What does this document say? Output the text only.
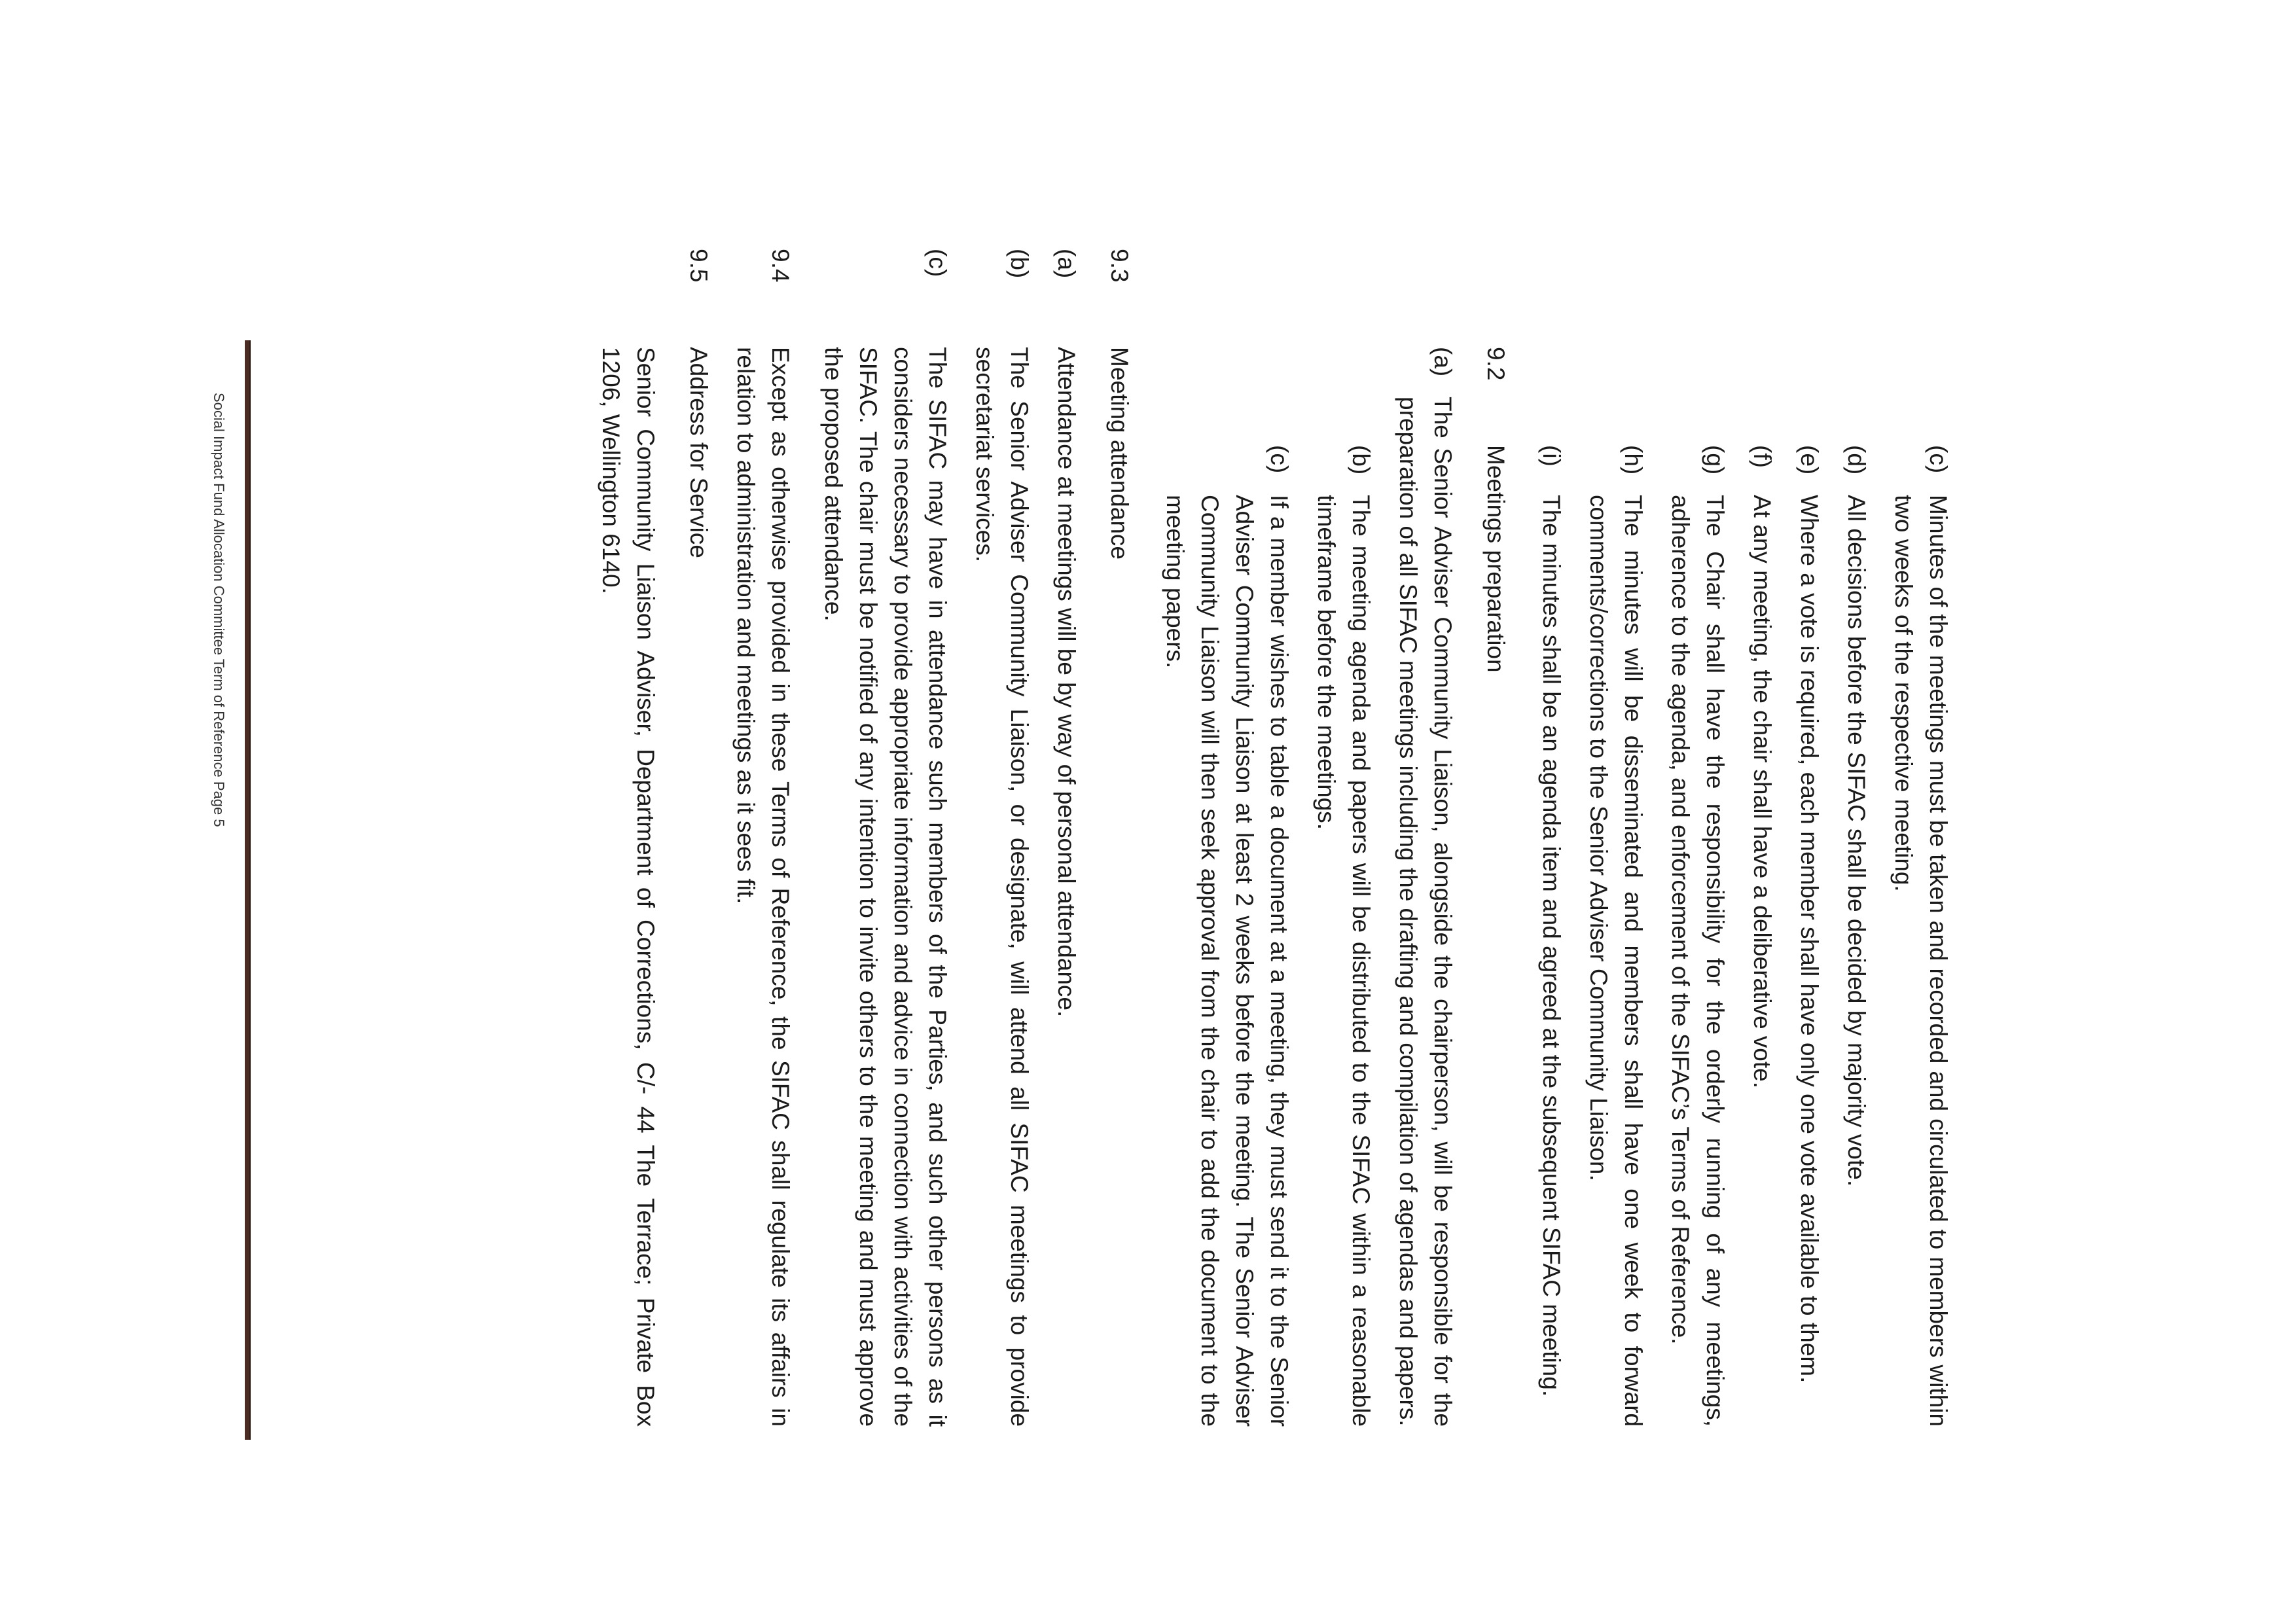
(c)
Minutes of the meetings must be taken and recorded and circulated to members within two weeks of the respective meeting.
(d)
All decisions before the SIFAC shall be decided by majority vote.
(e)
Where a vote is required, each member shall have only one vote available to them.
(f)
At any meeting, the chair shall have a deliberative vote.
(g)
The Chair shall have the responsibility for the orderly running of any meetings, adherence to the agenda, and enforcement of the SIFAC’s Terms of Reference.
(h)
The minutes will be disseminated and members shall have one week to forward comments/corrections to the Senior Adviser Community Liaison.
(i)
The minutes shall be an agenda item and agreed at the subsequent SIFAC meeting.
9.2
Meetings preparation
(a)
The Senior Adviser Community Liaison, alongside the chairperson, will be responsible for the preparation of all SIFAC meetings including the drafting and compilation of agendas and papers.
(b)
The meeting agenda and papers will be distributed to the SIFAC within a reasonable timeframe before the meetings.
(c)
If a member wishes to table a document at a meeting, they must send it to the Senior Adviser Community Liaison at least 2 weeks before the meeting. The Senior Adviser Community Liaison will then seek approval from the chair to add the document to the meeting papers.
9.3
Meeting attendance
(a)
Attendance at meetings will be by way of personal attendance.
(b)
The Senior Adviser Community Liaison, or designate, will attend all SIFAC meetings to provide secretariat services.
(c)
The SIFAC may have in attendance such members of the Parties, and such other persons as it considers necessary to provide appropriate information and advice in connection with activities of the SIFAC. The chair must be notified of any intention to invite others to the meeting and must approve the proposed attendance.
9.4
Except as otherwise provided in these Terms of Reference, the SIFAC shall regulate its affairs in relation to administration and meetings as it sees fit.
9.5
Address for Service
Senior Community Liaison Adviser, Department of Corrections, C/- 44 The Terrace; Private Box 1206, Wellington 6140.
Social Impact Fund Allocation Committee Term of Reference Page 5
